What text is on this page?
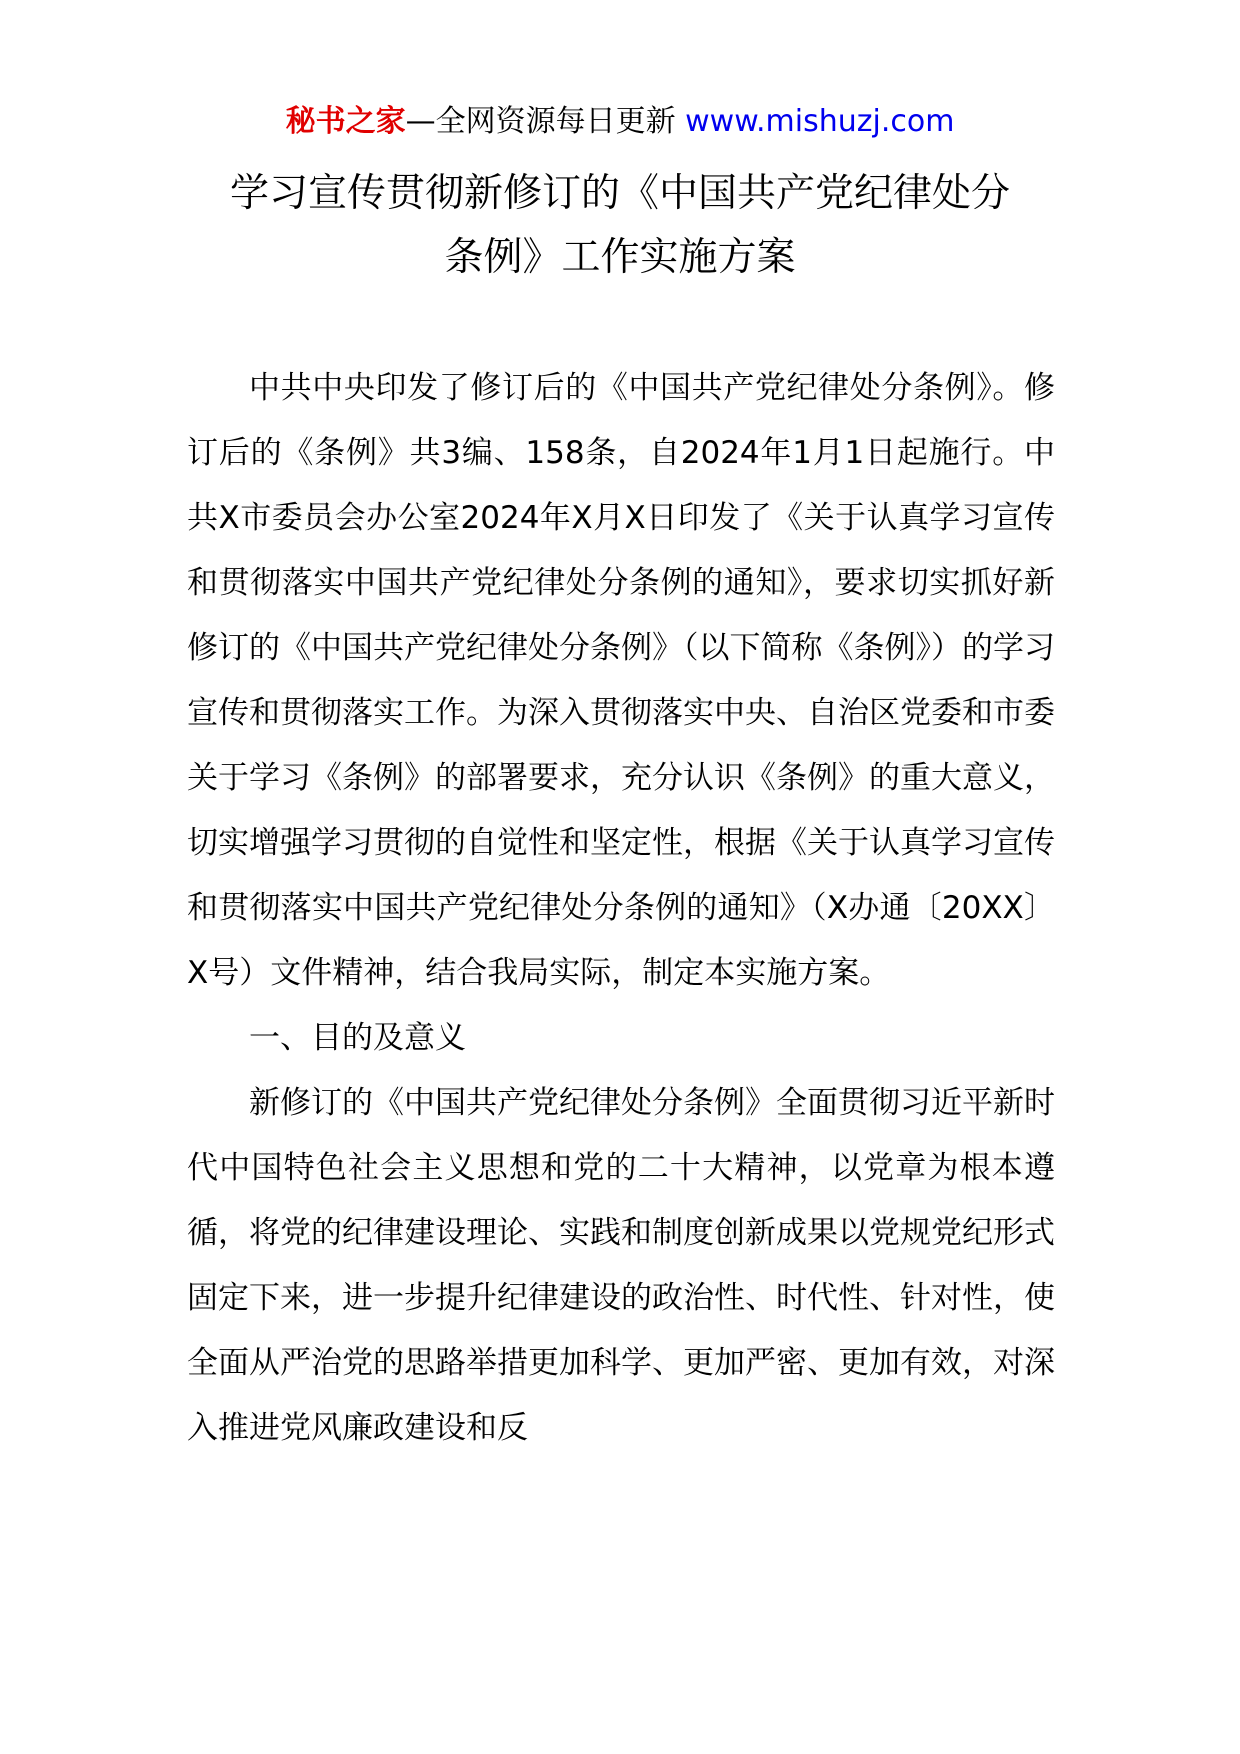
秘书之家—全网资源每日更新 www.mishuzj.com
学习宣传贯彻新修订的《中国共产党纪律处分
条例》工作实施方案

中共中央印发了修订后的《中国共产党纪律处分条例》。修订后的《条例》共3编、158条，自2024年1月1日起施行。中共X市委员会办公室2024年X月X日印发了《关于认真学习宣传和贯彻落实中国共产党纪律处分条例的通知》，要求切实抓好新修订的《中国共产党纪律处分条例》（以下简称《条例》）的学习宣传和贯彻落实工作。为深入贯彻落实中央、自治区党委和市委关于学习《条例》的部署要求，充分认识《条例》的重大意义，切实增强学习贯彻的自觉性和坚定性，根据《关于认真学习宣传和贯彻落实中国共产党纪律处分条例的通知》（X办通〔20XX〕X号）文件精神，结合我局实际，制定本实施方案。

一、目的及意义

新修订的《中国共产党纪律处分条例》全面贯彻习近平新时代中国特色社会主义思想和党的二十大精神，以党章为根本遵循，将党的纪律建设理论、实践和制度创新成果以党规党纪形式固定下来，进一步提升纪律建设的政治性、时代性、针对性，使全面从严治党的思路举措更加科学、更加严密、更加有效，对深入推进党风廉政建设和反
